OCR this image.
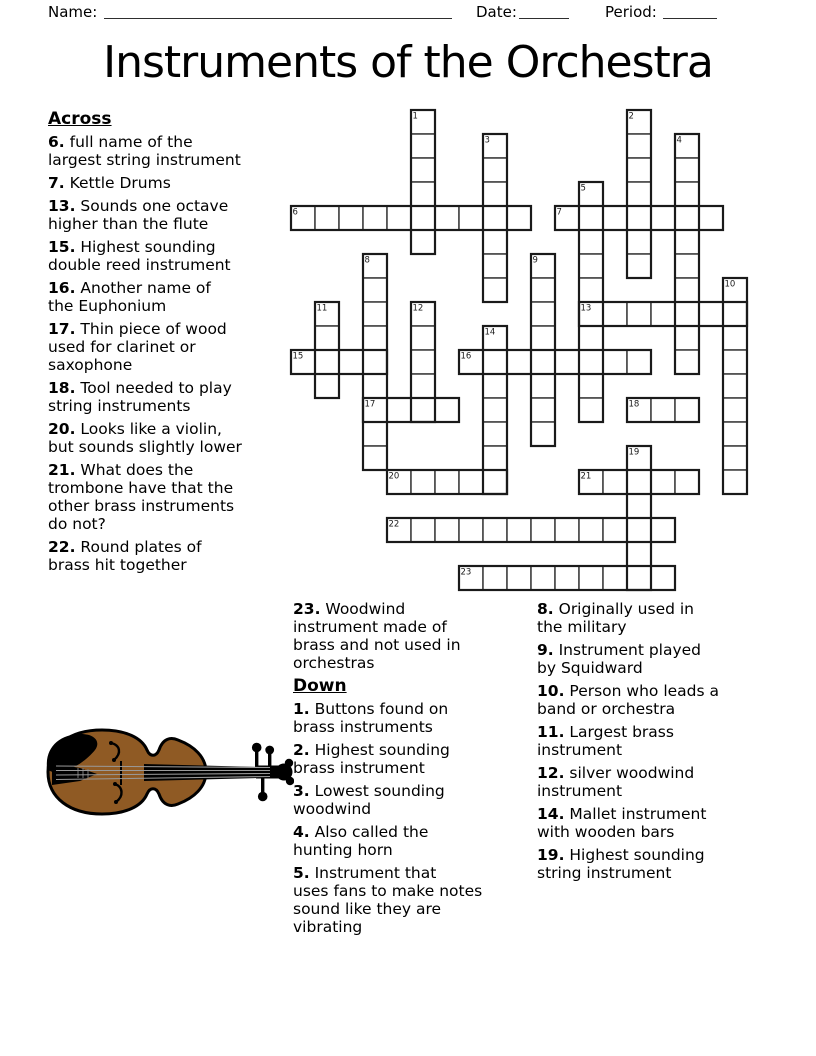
Name:	Date:	Period:
Instruments of the Orchestra
1	2
3	4
5
6	7
8	9
10
11	12	13
14
15	16
17	18
19
20	21
22
23
Across
6. full name of the
largest string instrument
7. Kettle Drums
13. Sounds one octave
higher than the flute
15. Highest sounding
double reed instrument
16. Another name of
the Euphonium
17. Thin piece of wood
used for clarinet or
saxophone
18. Tool needed to play
string instruments
20. Looks like a violin,
but sounds slightly lower
21. What does the
trombone have that the
other brass instruments
do not?
22. Round plates of
brass hit together
23. Woodwind
instrument made of
brass and not used in
orchestras
Down
1. Buttons found on
brass instruments
2. Highest sounding
brass instrument
3. Lowest sounding
woodwind
4. Also called the
hunting horn
5. Instrument that
uses fans to make notes
sound like they are
vibrating
8. Originally used in
the military
9. Instrument played
by Squidward
10. Person who leads a
band or orchestra
11. Largest brass
instrument
12. silver woodwind
instrument
14. Mallet instrument
with wooden bars
19. Highest sounding
string instrument
